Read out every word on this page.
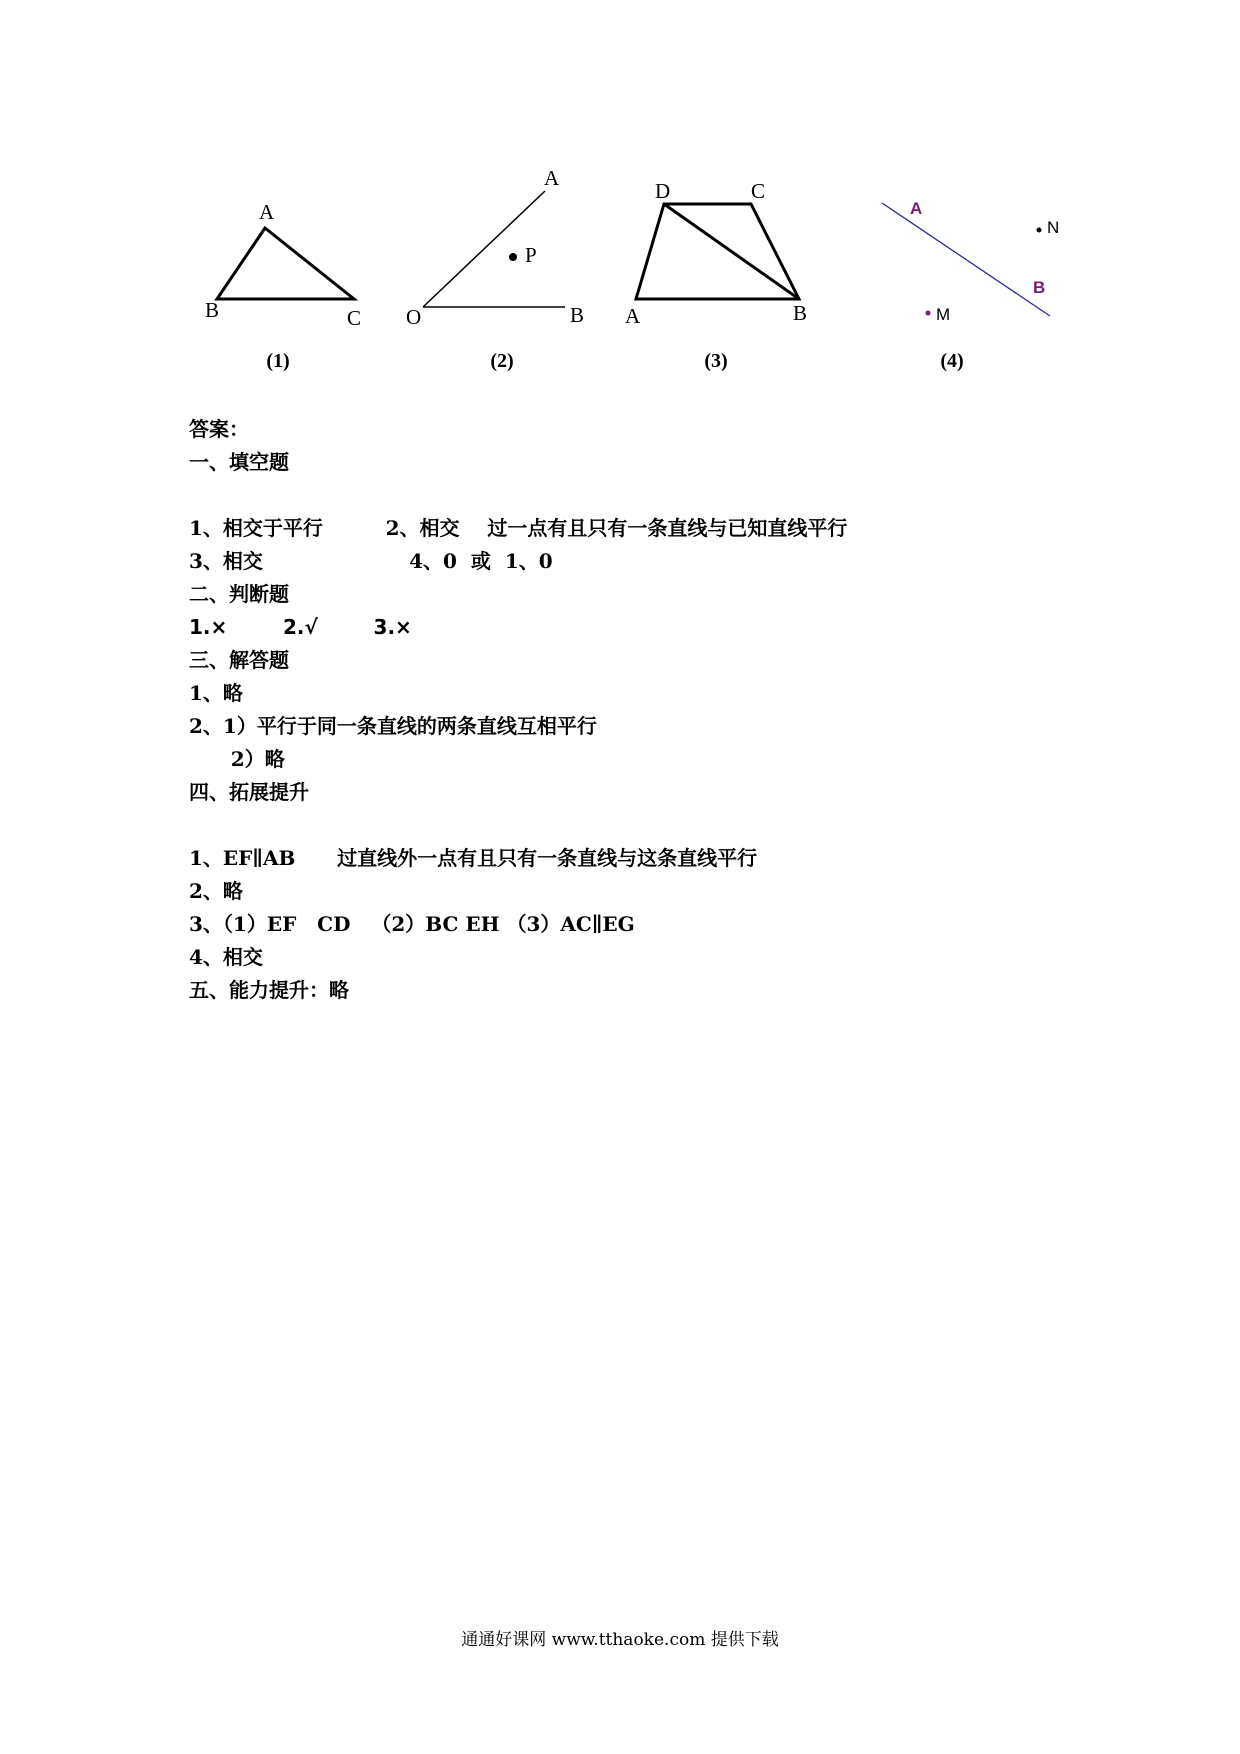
A
B	C
A
P
O	B
D	C
A	B
A
N
B
M
(1)	(2)	(3)	(4)
答案：
一、填空题
1、相交于平行         2、相交    过一点有且只有一条直线与已知直线平行
3、相交                     4、0  或  1、0
二、判断题
1.×        2.√        3.×
三、解答题
1、略
2、1）平行于同一条直线的两条直线互相平行
2）略
四、拓展提升
1、EF∥AB      过直线外一点有且只有一条直线与这条直线平行
2、略
3、（1）EF   CD   （2）BC EH （3）AC∥EG
4、相交
五、能力提升：略
通通好课网 www.tthaoke.com 提供下载
